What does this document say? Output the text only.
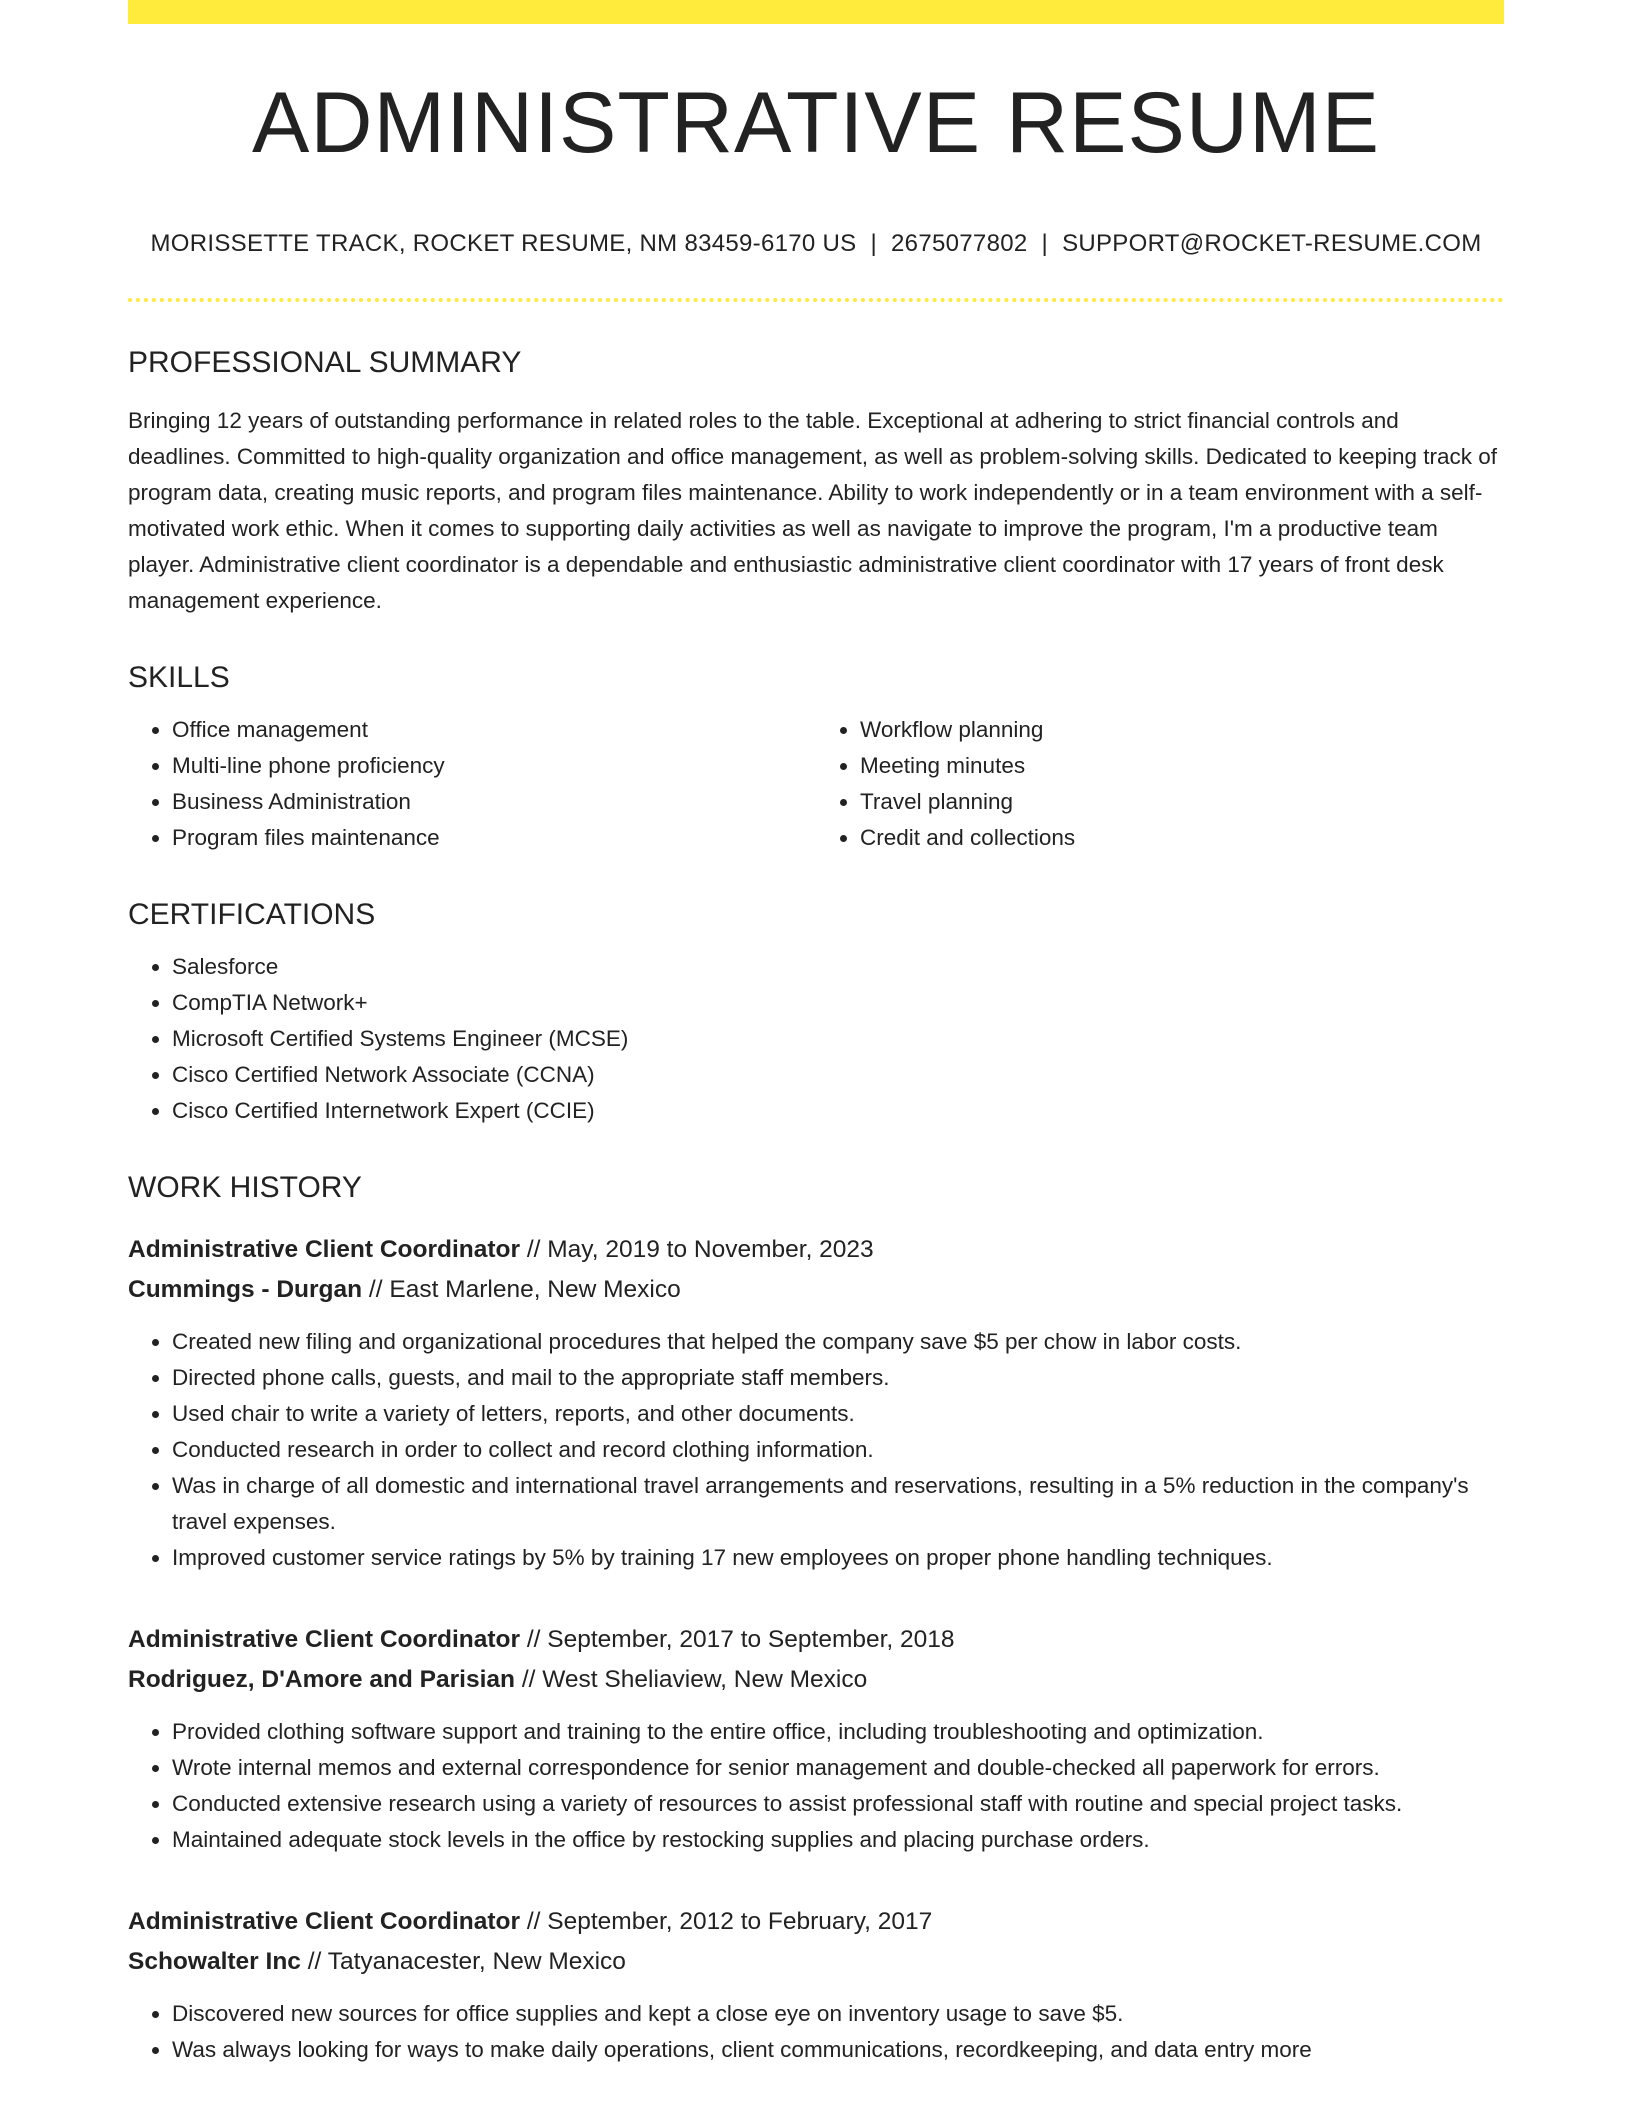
ADMINISTRATIVE RESUME
MORISSETTE TRACK, ROCKET RESUME, NM 83459-6170 US | 2675077802 | SUPPORT@ROCKET-RESUME.COM
PROFESSIONAL SUMMARY
Bringing 12 years of outstanding performance in related roles to the table. Exceptional at adhering to strict financial controls and deadlines. Committed to high-quality organization and office management, as well as problem-solving skills. Dedicated to keeping track of program data, creating music reports, and program files maintenance. Ability to work independently or in a team environment with a self-motivated work ethic. When it comes to supporting daily activities as well as navigate to improve the program, I'm a productive team player. Administrative client coordinator is a dependable and enthusiastic administrative client coordinator with 17 years of front desk management experience.
SKILLS
• Office management
• Multi-line phone proficiency
• Business Administration
• Program files maintenance
• Workflow planning
• Meeting minutes
• Travel planning
• Credit and collections
CERTIFICATIONS
• Salesforce
• CompTIA Network+
• Microsoft Certified Systems Engineer (MCSE)
• Cisco Certified Network Associate (CCNA)
• Cisco Certified Internetwork Expert (CCIE)
WORK HISTORY
Administrative Client Coordinator // May, 2019 to November, 2023
Cummings - Durgan // East Marlene, New Mexico
• Created new filing and organizational procedures that helped the company save $5 per chow in labor costs.
• Directed phone calls, guests, and mail to the appropriate staff members.
• Used chair to write a variety of letters, reports, and other documents.
• Conducted research in order to collect and record clothing information.
• Was in charge of all domestic and international travel arrangements and reservations, resulting in a 5% reduction in the company's travel expenses.
• Improved customer service ratings by 5% by training 17 new employees on proper phone handling techniques.
Administrative Client Coordinator // September, 2017 to September, 2018
Rodriguez, D'Amore and Parisian // West Sheliaview, New Mexico
• Provided clothing software support and training to the entire office, including troubleshooting and optimization.
• Wrote internal memos and external correspondence for senior management and double-checked all paperwork for errors.
• Conducted extensive research using a variety of resources to assist professional staff with routine and special project tasks.
• Maintained adequate stock levels in the office by restocking supplies and placing purchase orders.
Administrative Client Coordinator // September, 2012 to February, 2017
Schowalter Inc // Tatyanacester, New Mexico
• Discovered new sources for office supplies and kept a close eye on inventory usage to save $5.
• Was always looking for ways to make daily operations, client communications, recordkeeping, and data entry more
